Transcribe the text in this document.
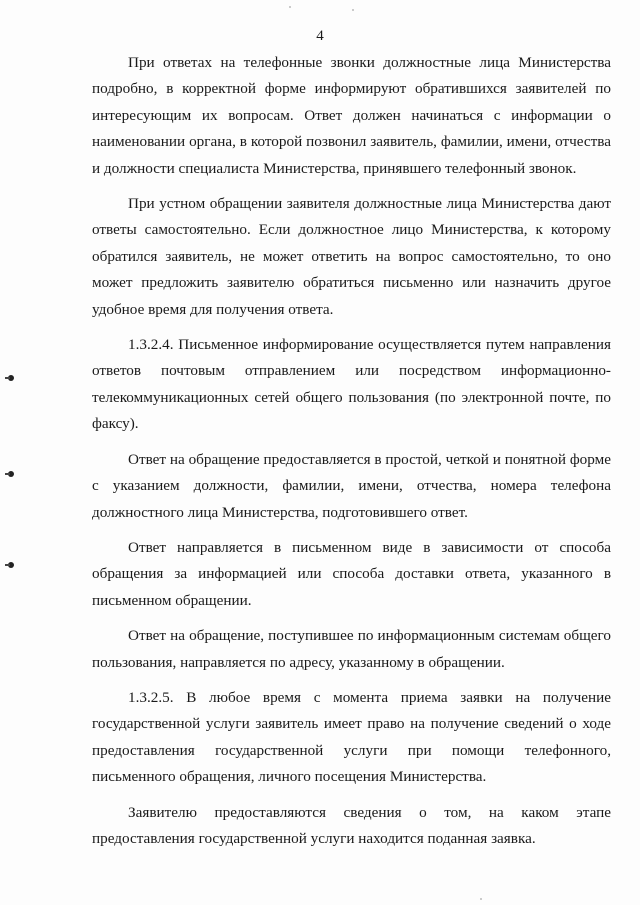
4

При ответах на телефонные звонки должностные лица Министерства подробно, в корректной форме информируют обратившихся заявителей по интересующим их вопросам. Ответ должен начинаться с информации о наименовании органа, в которой позвонил заявитель, фамилии, имени, отчества и должности специалиста Министерства, принявшего телефонный звонок.

При устном обращении заявителя должностные лица Министерства дают ответы самостоятельно. Если должностное лицо Министерства, к которому обратился заявитель, не может ответить на вопрос самостоятельно, то оно может предложить заявителю обратиться письменно или назначить другое удобное время для получения ответа.

1.3.2.4. Письменное информирование осуществляется путем направления ответов почтовым отправлением или посредством информационно-телекоммуникационных сетей общего пользования (по электронной почте, по факсу).

Ответ на обращение предоставляется в простой, четкой и понятной форме с указанием должности, фамилии, имени, отчества, номера телефона должностного лица Министерства, подготовившего ответ.

Ответ направляется в письменном виде в зависимости от способа обращения за информацией или способа доставки ответа, указанного в письменном обращении.

Ответ на обращение, поступившее по информационным системам общего пользования, направляется по адресу, указанному в обращении.

1.3.2.5. В любое время с момента приема заявки на получение государственной услуги заявитель имеет право на получение сведений о ходе предоставления государственной услуги при помощи телефонного, письменного обращения, личного посещения Министерства.

Заявителю предоставляются сведения о том, на каком этапе предоставления государственной услуги находится поданная заявка.
